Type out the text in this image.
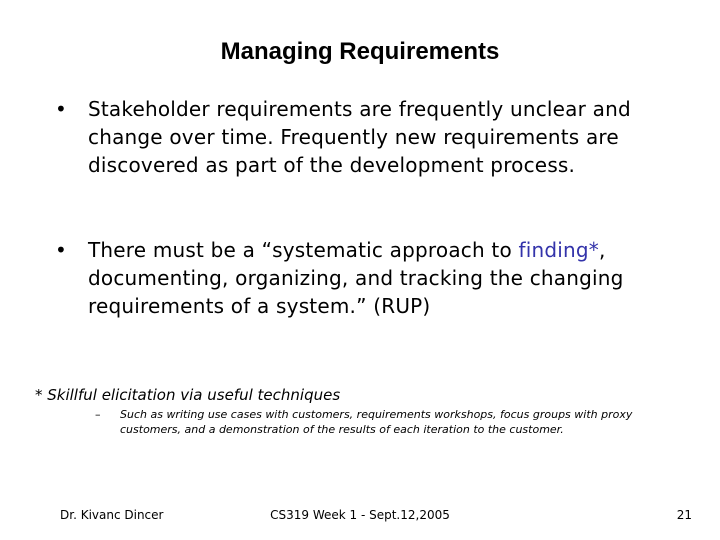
Managing Requirements
•	Stakeholder requirements are frequently unclear and change over time. Frequently new requirements are discovered as part of the development process.
•	There must be a “systematic approach to finding*, documenting, organizing, and tracking the changing requirements of a system.” (RUP)
* Skillful elicitation via useful techniques
– Such as writing use cases with customers, requirements workshops, focus groups with proxy customers, and a demonstration of the results of each iteration to the customer.
Dr. Kivanc Dincer	CS319 Week 1 - Sept.12,2005	21
